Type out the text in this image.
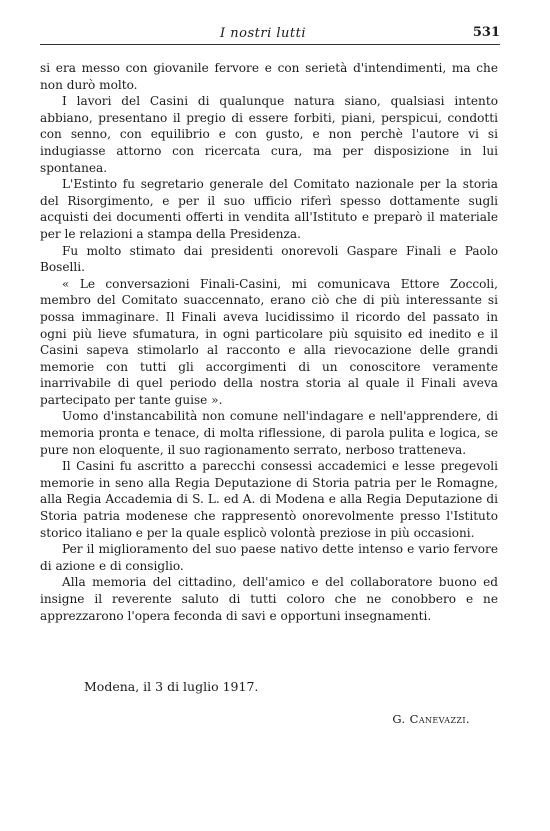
I nostri lutti	531

si era messo con giovanile fervore e con serietà d'intendimenti, ma che non durò molto.

I lavori del Casini di qualunque natura siano, qualsiasi intento abbiano, presentano il pregio di essere forbiti, piani, perspicui, condotti con senno, con equilibrio e con gusto, e non perchè l'autore vi si indugiasse attorno con ricercata cura, ma per disposizione in lui spontanea.

L'Estinto fu segretario generale del Comitato nazionale per la storia del Risorgimento, e per il suo ufficio riferì spesso dottamente sugli acquisti dei documenti offerti in vendita all'Istituto e preparò il materiale per le relazioni a stampa della Presidenza.

Fu molto stimato dai presidenti onorevoli Gaspare Finali e Paolo Boselli.

« Le conversazioni Finali-Casini, mi comunicava Ettore Zoccoli, membro del Comitato suaccennato, erano ciò che di più interessante si possa immaginare. Il Finali aveva lucidissimo il ricordo del passato in ogni più lieve sfumatura, in ogni particolare più squisito ed inedito e il Casini sapeva stimolarlo al racconto e alla rievocazione delle grandi memorie con tutti gli accorgimenti di un conoscitore veramente inarrivabile di quel periodo della nostra storia al quale il Finali aveva partecipato per tante guise ».

Uomo d'instancabilità non comune nell'indagare e nell'apprendere, di memoria pronta e tenace, di molta riflessione, di parola pulita e logica, se pure non eloquente, il suo ragionamento serrato, nerboso tratteneva.

Il Casini fu ascritto a parecchi consessi accademici e lesse pregevoli memorie in seno alla Regia Deputazione di Storia patria per le Romagne, alla Regia Accademia di S. L. ed A. di Modena e alla Regia Deputazione di Storia patria modenese che rappresentò onorevolmente presso l'Istituto storico italiano e per la quale esplicò volontà preziose in più occasioni.

Per il miglioramento del suo paese nativo dette intenso e vario fervore di azione e di consiglio.

Alla memoria del cittadino, dell'amico e del collaboratore buono ed insigne il reverente saluto di tutti coloro che ne conobbero e ne apprezzarono l'opera feconda di savi e opportuni insegnamenti.

Modena, il 3 di luglio 1917.
G. Canevazzi.
